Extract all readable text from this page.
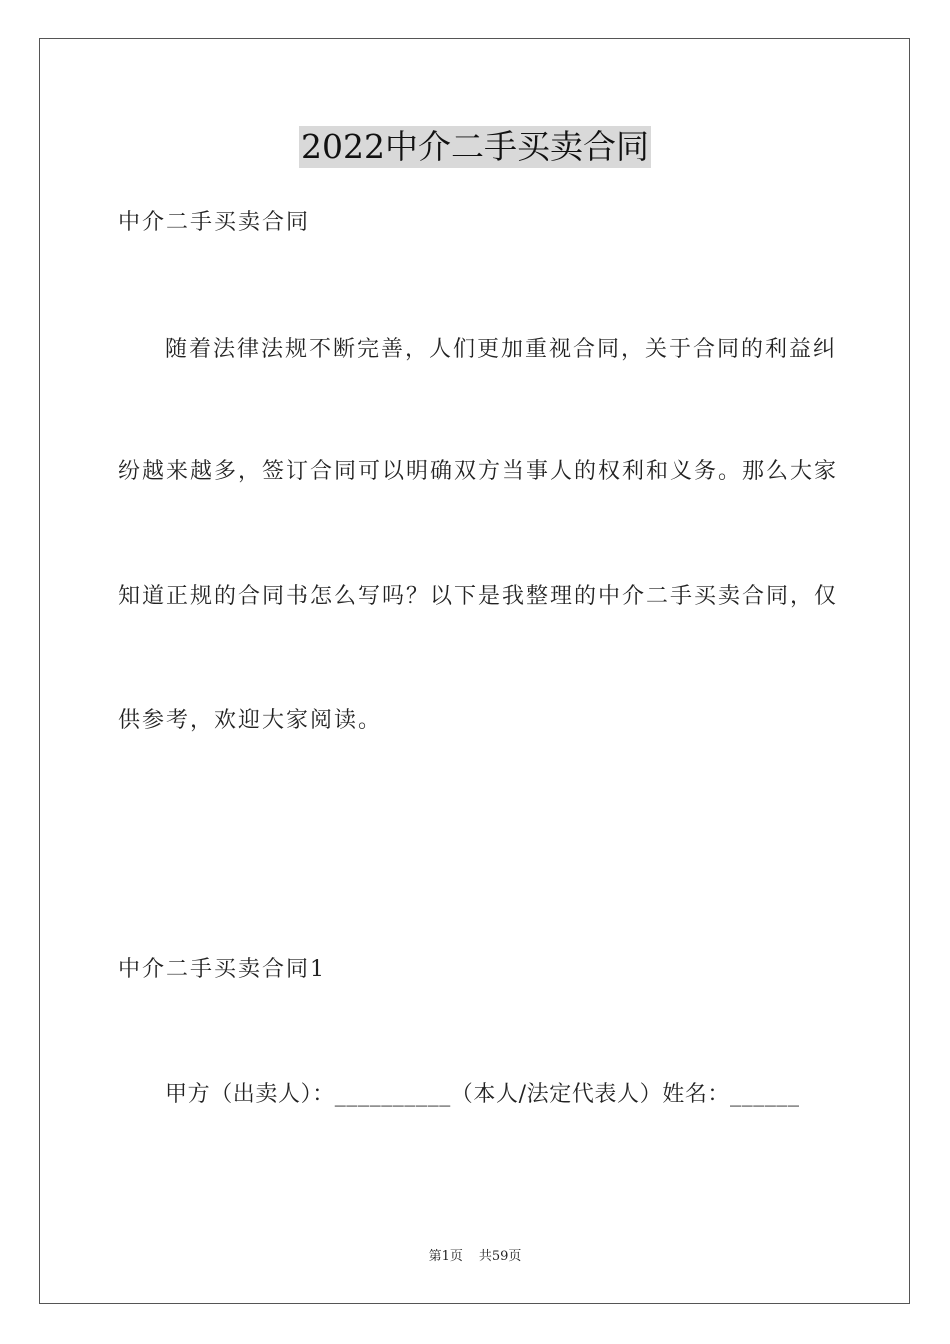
2022中介二手买卖合同
中介二手买卖合同
随着法律法规不断完善，人们更加重视合同，关于合同的利益纠
纷越来越多，签订合同可以明确双方当事人的权利和义务。那么大家
知道正规的合同书怎么写吗？以下是我整理的中介二手买卖合同，仅
供参考，欢迎大家阅读。
中介二手买卖合同1
甲方（出卖人）：__________（本人/法定代表人）姓名：______
第1页 共59页
